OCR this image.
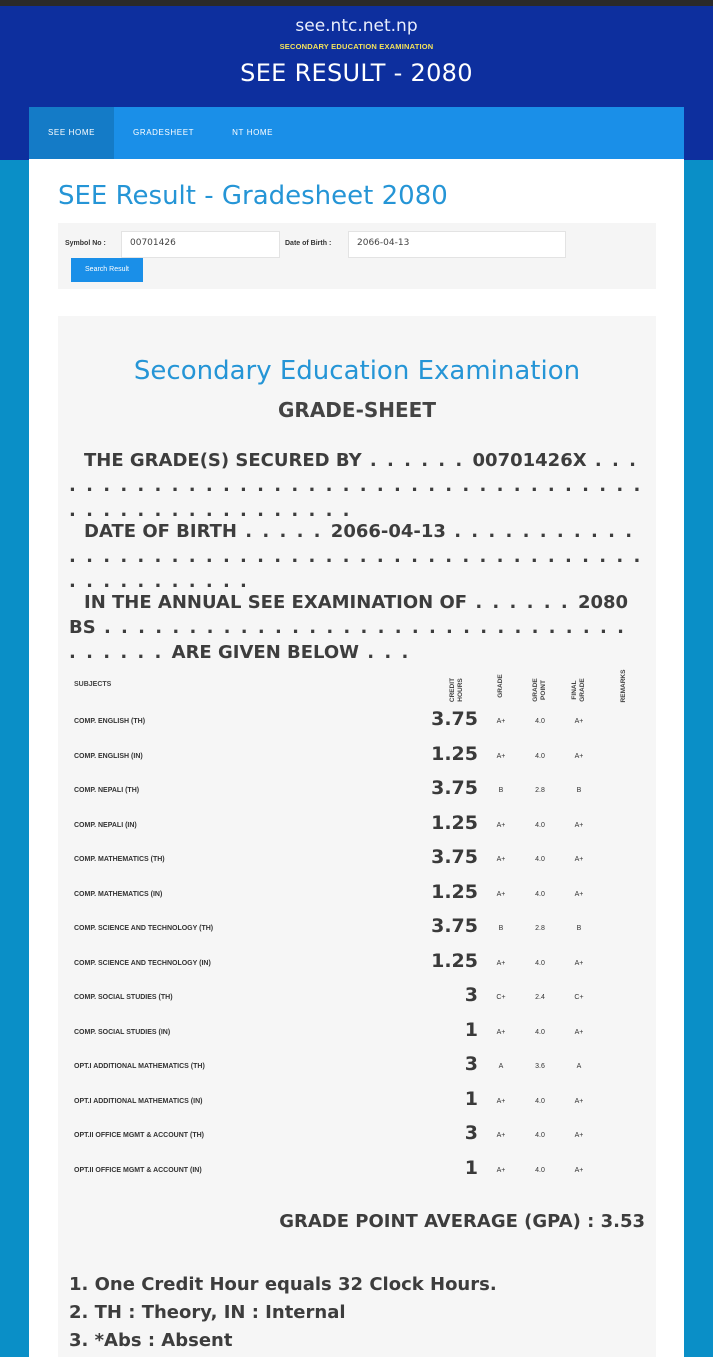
see.ntc.net.np
SECONDARY EDUCATION EXAMINATION
SEE RESULT - 2080
SEE HOME	GRADESHEET	NT HOME
SEE Result - Gradesheet 2080
Symbol No :	00701426	Date of Birth :	2066-04-13
Search Result
Secondary Education Examination
GRADE-SHEET
THE GRADE(S) SECURED BY . . . . . . 00701426X . . . . . . . . . . . . . . . . . . . . . . . . . . . . . . . . . . . . . . . . . . . . . . . . . . . . . .
DATE OF BIRTH . . . . . 2066-04-13 . . . . . . . . . . . . . . . . . . . . . . . . . . . . . . . . . . . . . . . . . . . . . . . . . . . . . . . .
IN THE ANNUAL SEE EXAMINATION OF . . . . . . 2080 BS . . . . . . . . . . . . . . . . . . . . . . . . . . . . . . . . . . . . . ARE GIVEN BELOW . . .
SUBJECTS	CREDIT HOURS	GRADE	GRADE POINT	FINAL GRADE	REMARKS
COMP. ENGLISH (TH)	3.75	A+	4.0	A+
COMP. ENGLISH (IN)	1.25	A+	4.0	A+
COMP. NEPALI (TH)	3.75	B	2.8	B
COMP. NEPALI (IN)	1.25	A+	4.0	A+
COMP. MATHEMATICS (TH)	3.75	A+	4.0	A+
COMP. MATHEMATICS (IN)	1.25	A+	4.0	A+
COMP. SCIENCE AND TECHNOLOGY (TH)	3.75	B	2.8	B
COMP. SCIENCE AND TECHNOLOGY (IN)	1.25	A+	4.0	A+
COMP. SOCIAL STUDIES (TH)	3	C+	2.4	C+
COMP. SOCIAL STUDIES (IN)	1	A+	4.0	A+
OPT.I ADDITIONAL MATHEMATICS (TH)	3	A	3.6	A
OPT.I ADDITIONAL MATHEMATICS (IN)	1	A+	4.0	A+
OPT.II OFFICE MGMT & ACCOUNT (TH)	3	A+	4.0	A+
OPT.II OFFICE MGMT & ACCOUNT (IN)	1	A+	4.0	A+
GRADE POINT AVERAGE (GPA) : 3.53
1. One Credit Hour equals 32 Clock Hours.
2. TH : Theory, IN : Internal
3. *Abs : Absent
